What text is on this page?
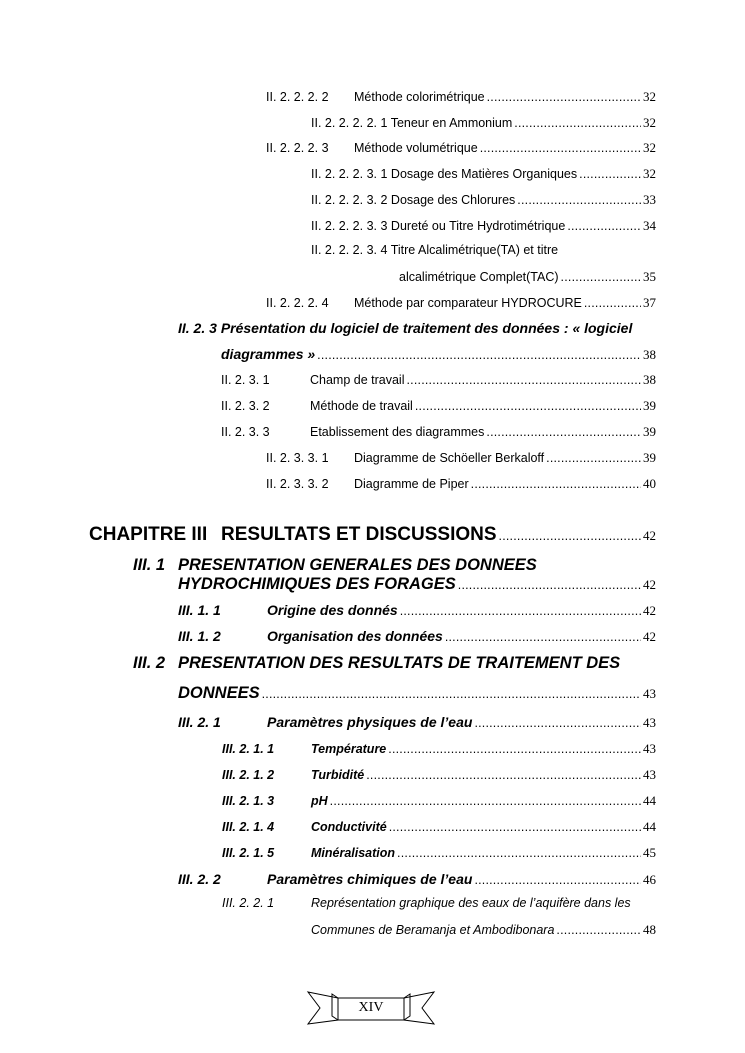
II. 2. 2. 2. 2	Méthode colorimétrique .....	32
II. 2. 2. 2. 2. 1 Teneur en Ammonium .....	32
II. 2. 2. 2. 3	Méthode volumétrique .....	32
II. 2. 2. 2. 3. 1 Dosage des Matières Organiques .....	32
II. 2. 2. 2. 3. 2 Dosage des Chlorures .....	33
II. 2. 2. 2. 3. 3 Dureté ou Titre Hydrotimétrique .....	34
II. 2. 2. 2. 3. 4 Titre Alcalimétrique(TA) et titre
alcalimétrique Complet(TAC) .....	35
II. 2. 2. 2. 4	Méthode par comparateur HYDROCURE .....	37
II. 2. 3 Présentation du logiciel de traitement des données : « logiciel
diagrammes » .....	38
II. 2. 3. 1	Champ de travail .....	38
II. 2. 3. 2	Méthode de travail .....	39
II. 2. 3. 3	Etablissement des diagrammes .....	39
II. 2. 3. 3. 1	Diagramme de Schöeller Berkaloff .....	39
II. 2. 3. 3. 2	Diagramme de Piper .....	40
CHAPITRE III RESULTATS ET DISCUSSIONS .....	42
III. 1 PRESENTATION GENERALES DES DONNEES
HYDROCHIMIQUES DES FORAGES .....	42
III. 1. 1	Origine des donnés .....	42
III. 1. 2	Organisation des données .....	42
III. 2 PRESENTATION DES RESULTATS DE TRAITEMENT DES
DONNEES .....	43
III. 2. 1	Paramètres physiques de l’eau .....	43
III. 2. 1. 1	Température .....	43
III. 2. 1. 2	Turbidité .....	43
III. 2. 1. 3	pH .....	44
III. 2. 1. 4	Conductivité .....	44
III. 2. 1. 5	Minéralisation .....	45
III. 2. 2	Paramètres chimiques de l’eau .....	46
III. 2. 2. 1	Représentation graphique des eaux de l’aquifère dans les
Communes de Beramanja et Ambodibonara .....	48
XIV
